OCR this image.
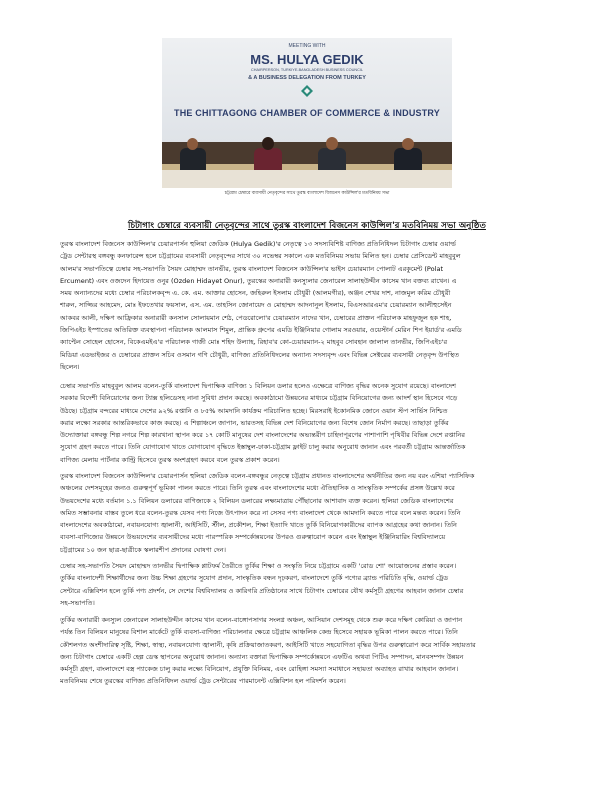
MEETING WITH
MS. HULYA GEDIK
CHAIRPERSON, TURKIYE-BANGLADESH BUSINESS COUNCIL
& A BUSINESS DELEGATION FROM TURKEY
THE CHITTAGONG CHAMBER OF COMMERCE & INDUSTRY
চট্টগ্রাম চেম্বারে ব্যবসায়ী নেতৃবৃন্দের সাথে তুরস্ক বাংলাদেশ বিজনেস কাউন্সিল'র মতবিনিময় সভা
চিটাগাং চেম্বারে ব্যবসায়ী নেতৃবৃন্দের সাথে তুরস্ক বাংলাদেশ বিজনেস কাউন্সিল'র মতবিনিময় সভা অনুষ্ঠিত
তুরস্ক বাংলাদেশ বিজনেস কাউন্সিল'র চেয়ারপার্সন হুলিয়া জেডিক (Hulya Gedik)'র নেতৃত্বে ১৩ সদস্যবিশিষ্ট বাণিজ্য প্রতিনিধিদল চিটাগাং চেম্বার ওয়ার্ল্ড
ট্রেড সেন্টারস্থ বঙ্গবন্ধু কনফারেন্স হলে চট্টগ্রামের ব্যবসায়ী নেতৃবৃন্দের সাথে ৩০ নভেম্বর সকালে এক মতবিনিময় সভায় মিলিত হন। চেম্বার প্রেসিডেন্ট মাহবুবুল
আলম'র সভাপতিত্বে চেম্বার সহ-সভাপতি সৈয়দ মোহাম্মদ তানভীর, তুরস্ক বাংলাদেশ বিজনেস কাউন্সিল'র ভাইস চেয়ারম্যান পোলাট এরকুমেন্ট (Polat
Ercument) এবং ওজদেন হিদায়েত ওনুর (Ozden Hidayet Onur), তুরস্কের অনারারী কনস্যুলার জেনারেল সালাহউদ্দীন কাসেম খান বক্তব্য রাখেন। এ
সময় অন্যান্যদের মধ্যে চেম্বার পরিচালকবৃন্দ এ. কে. এম. আক্তার হোসেন, জহিরুল ইসলাম চৌধুরী (আলমগীর), অঞ্জন শেখর দাশ, নাজমুল করিম চৌধুরী
শারুন, সাজ্জির আহমেদ, মোঃ ইফতেখার ফয়সাল, এস. এম. তাহসিন জোনায়েদ ও মোহাম্মদ আদনানুল ইসলাম, বিএসআরএম'র চেয়ারম্যান আলীহুসেইন
আকবর আলী, দক্ষিণ আফ্রিকার অনারারী কনসাল সোলায়মান শেঠ, পেডরোলো'র চেয়ারম্যান নাদের খান, চেম্বারের প্রাক্তন পরিচালক মাহফুজুল হক শাহ,
জিপিএইচ ইস্পাতের অতিরিক্ত ব্যবস্থাপনা পরিচালক আলমাস শিমুল, প্রান্তিক গ্রুপের এমডি ইঞ্জিনিয়ার গোলাম সরওয়ার, ওয়েস্টার্ন মেরিন শিপ ইয়ার্ড'র এমডি
ক্যাপ্টেন সোহেল হোসেন, বিকেএমইএ'র পরিচালক গাজী মোঃ শহিদ উল্যাহ, রিহাব'র কো-চেয়ারম্যান-২ মাহবুব সোবহান জালাল তানভীর, জিপিএইচ'র
মিডিয়া এডভাইজর ও চেম্বারের প্রাক্তন সচিব ওসমান গণি চৌধুরী, বাণিজ্য প্রতিনিধিদলের অন্যান্য সদস্যবৃন্দ এবং বিভিন্ন সেক্টরের ব্যবসায়ী নেতৃবৃন্দ উপস্থিত
ছিলেন।
চেম্বার সভাপতি মাহবুবুল আলম বলেন-তুর্কি বাংলাদেশ দ্বিপাক্ষিক বাণিজ্য ১ বিলিয়ন ডলার হলেও এক্ষেত্রে বাণিজ্য বৃদ্ধির অনেক সুযোগ রয়েছে। বাংলাদেশ
সরকার বিদেশী বিনিয়োগের জন্য ট্যাক্স হলিডেসহ নানা সুবিধা প্রদান করছে। অবকাঠামো উন্নয়নের মাধ্যমে চট্টগ্রাম বিনিয়োগের জন্য আদর্শ স্থান হিসেবে গড়ে
উঠছে। চট্টগ্রাম বন্দরের মাধ্যমে দেশের ৯২% রপ্তানি ও ৮৫% আমদানি কার্যক্রম পরিচালিত হচ্ছে। মিরসরাই ইকোনমিক জোনে ওয়ান স্টপ সার্ভিস নিশ্চিত
করার লক্ষ্যে সরকার আন্তরিকভাবে কাজ করছে। এ শিল্পাঞ্চলে জাপান, ভারতসহ বিভিন্ন দেশ বিনিয়োগের জন্য বিশেষ জোন নির্মাণ করছে। তাছাড়া তুর্কির
উদ্যোক্তারা বঙ্গবন্ধু শিল্প নগরে শিল্প কারখানা স্থাপন করে ১৭ কোটি মানুষের দেশ বাংলাদেশের অভ্যন্তরীণ চাহিদাপূরণের পাশাপাশি পৃথিবীর বিভিন্ন দেশে রপ্তানির
সুযোগ গ্রহণ করতে পারে। তিনি যোগাযোগ খাতে যোগাযোগ বৃদ্ধিতে ইস্তাম্বুল-ঢাকা-চট্টগ্রাম ফ্লাইট চালু করার অনুরোধ জানান এবং পরবর্তী চট্টগ্রাম আন্তর্জাতিক
বাণিজ্য মেলায় পার্টনার কান্ট্রি হিসেবে তুরস্ক অংশগ্রহণ করবে বলে তুরস্ক প্রকাশ করেন।
তুরস্ক বাংলাদেশ বিজনেস কাউন্সিল'র চেয়ারপার্সন হুলিয়া জেডিক বলেন-বঙ্গবন্ধুর নেতৃত্বে চট্টগ্রাম প্রধানত বাংলাদেশের অর্থনীতির জন্য নয় বরং এশিয়া প্যাসিফিক
অঞ্চলের দেশসমূহের জন্যও গুরুত্বপূর্ণ ভূমিকা পালন করতে পারে। তিনি তুরস্ক এবং বাংলাদেশের মধ্যে ঐতিহাসিক ও সাংস্কৃতিক সম্পর্কের প্রসঙ্গ উল্লেখ করে
উভয়দেশের মধ্যে বর্তমান ১.১ বিলিয়ন ডলারের বাণিজ্যকে ২ বিলিয়ন ডলারের লক্ষ্যমাত্রায় পৌঁছানোর আশাবাদ ব্যক্ত করেন। হুলিয়া জেডিক বাংলাদেশের
অমিত সম্ভাবনার বাস্তব তুলে ধরে বলেন-তুরস্ক যেসব পণ্য নিজে উৎপাদন করে না সেসব পণ্য বাংলাদেশ থেকে আমদানি করতে পারে বলে মন্তব্য করেন। তিনি
বাংলাদেশের অবকাঠামো, নবায়নযোগ্য জ্বালানী, আইসিটি, স্টীল, প্রকৌশল, শিক্ষা ইত্যাদি খাতে তুর্কি বিনিয়োগকারীদের ব্যাপক আগ্রহের কথা জানান। তিনি
ব্যবসা-বাণিজ্যের উন্নয়নে উভয়দেশের ব্যবসায়ীদের মধ্যে পারস্পরিক সম্পর্কোন্নয়নের উপরও গুরুত্বারোপ করেন এবং ইস্তাম্বুল ইঞ্জিনিয়ারিং বিশ্ববিদ্যালয়ে
চট্টগ্রামের ১০ জন ছাত্র-ছাত্রীকে স্কলারশীপ প্রদানের ঘোষণা দেন।
চেম্বার সহ-সভাপতি সৈয়দ মোহাম্মদ তানভীর দ্বিপাক্ষিক প্লাটফর্ম তৈরীতে তুর্কির শিক্ষা ও সংস্কৃতি নিয়ে চট্টগ্রামে একটি 'রোড শো' আয়োজনের প্রস্তাব করেন।
তুর্কির বাংলাদেশী শিক্ষার্থীদের জন্য উচ্চ শিক্ষা গ্রহণের সুযোগ প্রদান, সাংস্কৃতিক বন্ধন দৃঢ়করণ, বাংলাদেশে তুর্কি পণ্যের ব্র্যান্ড পরিচিতি বৃদ্ধি, ওয়ার্ল্ড ট্রেড
সেন্টারে এক্সিবিশন হলে তুর্কি পণ্য প্রদর্শন, সে দেশের বিশ্ববিদ্যালয় ও কারিগরি প্রতিষ্ঠানের সাথে চিটাগাং চেম্বারের যৌথ কর্মসূচী গ্রহণের আহবান জানান চেম্বার
সহ-সভাপতি।
তুর্কির অনারারী কনস্যুল জেনারেল সালাহউদ্দীন কাসেম খান বলেন-বাঙ্গোপসাগর সংলগ্ন অঞ্চল, আসিয়ান দেশসমূহ থেকে শুরু করে দক্ষিণ কোরিয়া ও জাপান
পর্যন্ত তিন বিলিয়ন মানুষের বিশাল মার্কেটে তুর্কি ব্যবসা-বাণিজ্য পরিচালনার ক্ষেত্রে চট্টগ্রাম আঞ্চলিক কেন্দ্র হিসেবে সহায়ক ভূমিকা পালন করতে পারে। তিনি
কৌশলগত অংশীদারিত্ব সৃষ্টি, শিক্ষা, স্বাস্থ্য, নবায়নযোগ্য জ্বালানী, কৃষি প্রক্রিয়াজাতকরণ, আইসিটি খাতে সহযোগিতা বৃদ্ধির উপর গুরুত্বারোপ করে সার্বিক সহায়তার
জন্য চিটাগাং চেম্বারে একটি হেল্প ডেস্ক স্থাপনের অনুরোধ জানান। অন্যান্য বক্তারা দ্বিপাক্ষিক সম্পর্কোন্নয়নে এফটিএ অথবা পিটিএ সম্পাদন, মানবসম্পদ উন্নয়ন
কর্মসূচী গ্রহণ, বাংলাদেশে বস্ত্র প্যাকেজ চালু করার লক্ষ্যে বিনিয়োগ, প্রযুক্তি বিনিময়, এবং রোহিঙ্গা সমস্যা সমাধানে সহায়তা অব্যাহত রাখার আহবান জানান।
মতবিনিময় শেষে তুরস্কের বাণিজ্য প্রতিনিধিদল ওয়ার্ল্ড ট্রেড সেন্টারের পারমানেন্ট এক্সিবিশন হল পরিদর্শন করেন।
